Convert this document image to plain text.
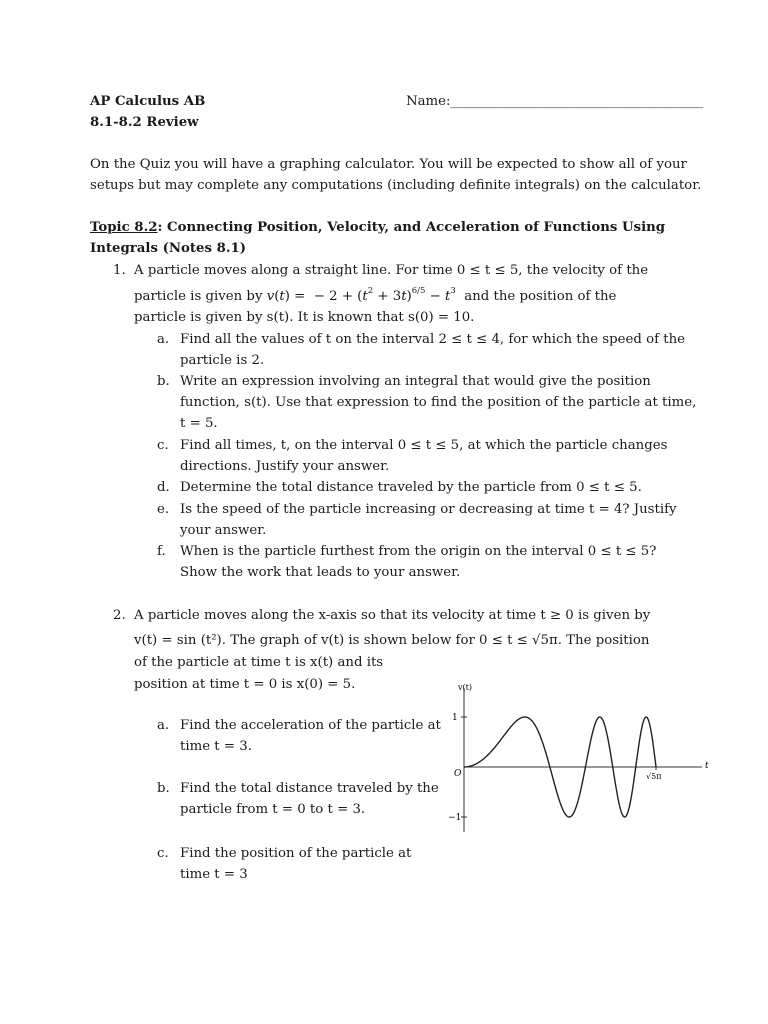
AP Calculus AB
8.1-8.2 Review
Name:______________________________________
On the Quiz you will have a graphing calculator. You will be expected to show all of your
setups but may complete any computations (including definite integrals) on the calculator.
Topic 8.2: Connecting Position, Velocity, and Acceleration of Functions Using
Integrals (Notes 8.1)
1. A particle moves along a straight line. For time 0 ≤ t ≤ 5, the velocity of the
particle is given by v(t) =  − $2 + (t^2 + 3t)^{6/5} - t^3$  and the position of the
particle is given by s(t). It is known that s(0) = 10.
a. Find all the values of t on the interval 2 ≤ t ≤ 4, for which the speed of the
particle is 2.
b. Write an expression involving an integral that would give the position
function, s(t). Use that expression to find the position of the particle at time,
t = 5.
c. Find all times, t, on the interval 0 ≤ t ≤ 5, at which the particle changes
directions. Justify your answer.
d. Determine the total distance traveled by the particle from 0 ≤ t ≤ 5.
e. Is the speed of the particle increasing or decreasing at time t = 4? Justify
your answer.
f. When is the particle furthest from the origin on the interval 0 ≤ t ≤ 5?
Show the work that leads to your answer.
2. A particle moves along the x-axis so that its velocity at time t ≥ 0 is given by
v(t) = sin (t²). The graph of v(t) is shown below for 0 ≤ t ≤ √5π. The position
of the particle at time t is x(t) and its
position at time t = 0 is x(0) = 5.
a. Find the acceleration of the particle at
time t = 3.
b. Find the total distance traveled by the
particle from t = 0 to t = 3.
c. Find the position of the particle at
time t = 3
v(t)
t
O
1
−1
√5π
